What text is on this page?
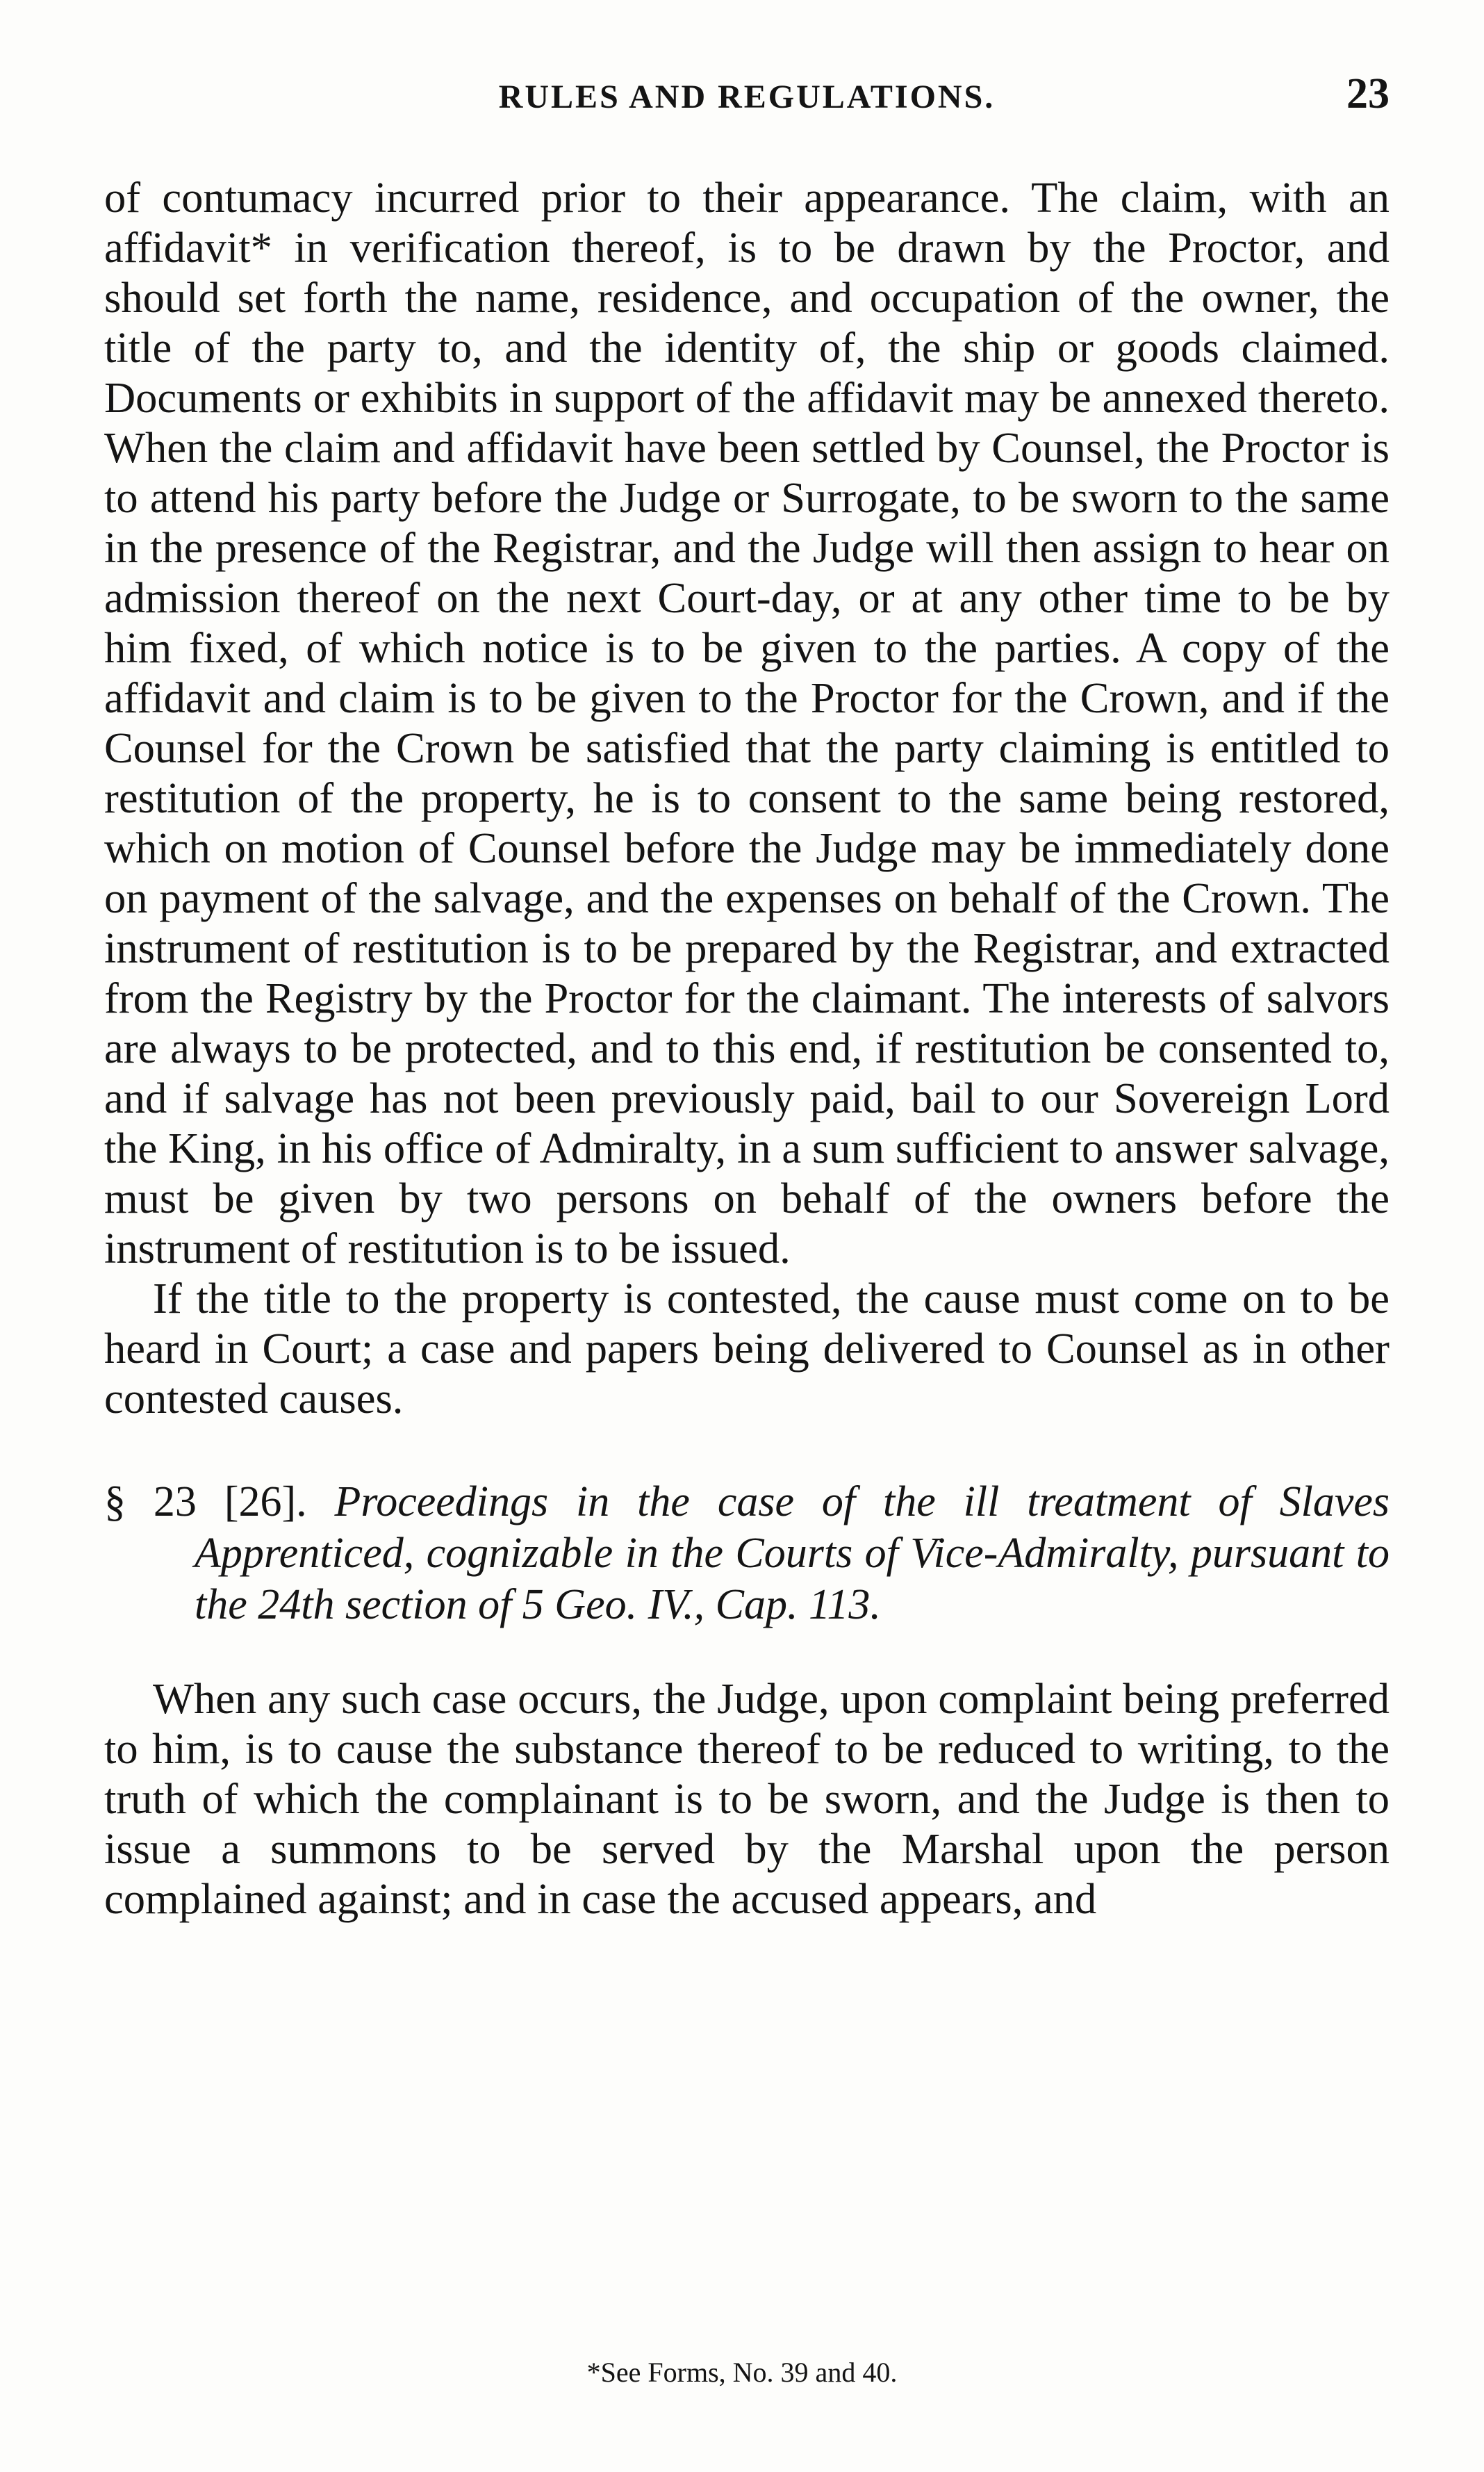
RULES AND REGULATIONS.	23

of contumacy incurred prior to their appearance. The claim, with an affidavit* in verification thereof, is to be drawn by the Proctor, and should set forth the name, residence, and occupation of the owner, the title of the party to, and the identity of, the ship or goods claimed. Documents or exhibits in support of the affidavit may be annexed thereto. When the claim and affidavit have been settled by Counsel, the Proctor is to attend his party before the Judge or Surrogate, to be sworn to the same in the presence of the Registrar, and the Judge will then assign to hear on admission thereof on the next Court-day, or at any other time to be by him fixed, of which notice is to be given to the parties. A copy of the affidavit and claim is to be given to the Proctor for the Crown, and if the Counsel for the Crown be satisfied that the party claiming is entitled to restitution of the property, he is to consent to the same being restored, which on motion of Counsel before the Judge may be immediately done on payment of the salvage, and the expenses on behalf of the Crown. The instrument of restitution is to be prepared by the Registrar, and extracted from the Registry by the Proctor for the claimant. The interests of salvors are always to be protected, and to this end, if restitution be consented to, and if salvage has not been previously paid, bail to our Sovereign Lord the King, in his office of Admiralty, in a sum sufficient to answer salvage, must be given by two persons on behalf of the owners before the instrument of restitution is to be issued.

If the title to the property is contested, the cause must come on to be heard in Court; a case and papers being delivered to Counsel as in other contested causes.

§ 23 [26]. Proceedings in the case of the ill treatment of Slaves Apprenticed, cognizable in the Courts of Vice-Admiralty, pursuant to the 24th section of 5 Geo. IV., Cap. 113.

When any such case occurs, the Judge, upon complaint being preferred to him, is to cause the substance thereof to be reduced to writing, to the truth of which the complainant is to be sworn, and the Judge is then to issue a summons to be served by the Marshal upon the person complained against; and in case the accused appears, and

*See Forms, No. 39 and 40.
